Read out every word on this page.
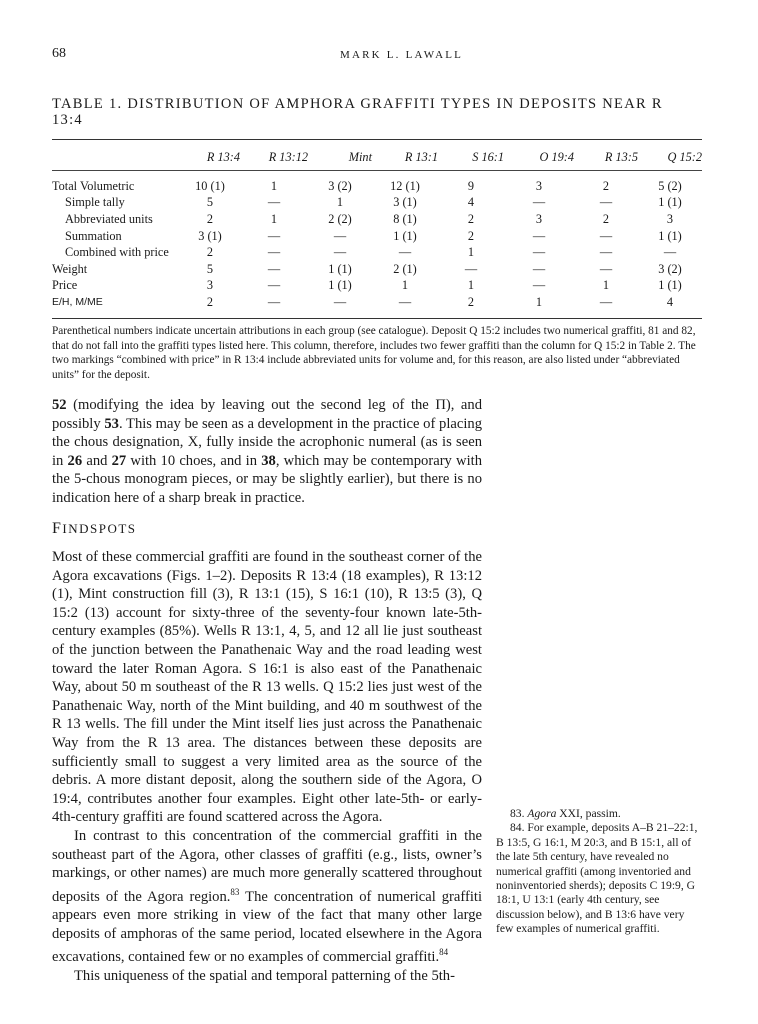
68	MARK L. LAWALL
TABLE 1. DISTRIBUTION OF AMPHORA GRAFFITI TYPES IN DEPOSITS NEAR R 13:4
	R 13:4	R 13:12	Mint	R 13:1	S 16:1	O 19:4	R 13:5	Q 15:2

Total Volumetric	10 (1)	1	3 (2)	12 (1)	9	3	2	5 (2)
Simple tally	5	—	1	3 (1)	4	—	—	1 (1)
Abbreviated units	2	1	2 (2)	8 (1)	2	3	2	3
Summation	3 (1)	—	—	1 (1)	2	—	—	1 (1)
Combined with price	2	—	—	—	1	—	—	—
Weight	5	—	1 (1)	2 (1)	—	—	—	3 (2)
Price	3	—	1 (1)	1	1	—	1	1 (1)
E/H, M/ME	2	—	—	—	2	1	—	4
Parenthetical numbers indicate uncertain attributions in each group (see catalogue). Deposit Q 15:2 includes two numerical graffiti, 81 and 82, that do not fall into the graffiti types listed here. This column, therefore, includes two fewer graffiti than the column for Q 15:2 in Table 2. The two markings “combined with price” in R 13:4 include abbreviated units for volume and, for this reason, are also listed under “abbreviated units” for the deposit.

52 (modifying the idea by leaving out the second leg of the Π), and possibly 53. This may be seen as a development in the practice of placing the chous designation, X, fully inside the acrophonic numeral (as is seen in 26 and 27 with 10 choes, and in 38, which may be contemporary with the 5-chous monogram pieces, or may be slightly earlier), but there is no indication here of a sharp break in practice.

FINDSPOTS

Most of these commercial graffiti are found in the southeast corner of the Agora excavations (Figs. 1–2). Deposits R 13:4 (18 examples), R 13:12 (1), Mint construction fill (3), R 13:1 (15), S 16:1 (10), R 13:5 (3), Q 15:2 (13) account for sixty-three of the seventy-four known late-5th-century examples (85%). Wells R 13:1, 4, 5, and 12 all lie just southeast of the junction between the Panathenaic Way and the road leading west toward the later Roman Agora. S 16:1 is also east of the Panathenaic Way, about 50 m southeast of the R 13 wells. Q 15:2 lies just west of the Panathenaic Way, north of the Mint building, and 40 m southwest of the R 13 wells. The fill under the Mint itself lies just across the Panathenaic Way from the R 13 area. The distances between these deposits are sufficiently small to suggest a very limited area as the source of the debris. A more distant deposit, along the southern side of the Agora, O 19:4, contributes another four examples. Eight other late-5th- or early-4th-century graffiti are found scattered across the Agora.

In contrast to this concentration of the commercial graffiti in the southeast part of the Agora, other classes of graffiti (e.g., lists, owner’s markings, or other names) are much more generally scattered throughout deposits of the Agora region.$^{83}$ The concentration of numerical graffiti appears even more striking in view of the fact that many other large deposits of amphoras of the same period, located elsewhere in the Agora excavations, contained few or no examples of commercial graffiti.$^{84}$

This uniqueness of the spatial and temporal patterning of the 5th-

83. Agora XXI, passim.

84. For example, deposits A–B 21–22:1, B 13:5, G 16:1, M 20:3, and B 15:1, all of the late 5th century, have revealed no numerical graffiti (among inventoried and noninventoried sherds); deposits C 19:9, G 18:1, U 13:1 (early 4th century, see discussion below), and B 13:6 have very few examples of numerical graffiti.
